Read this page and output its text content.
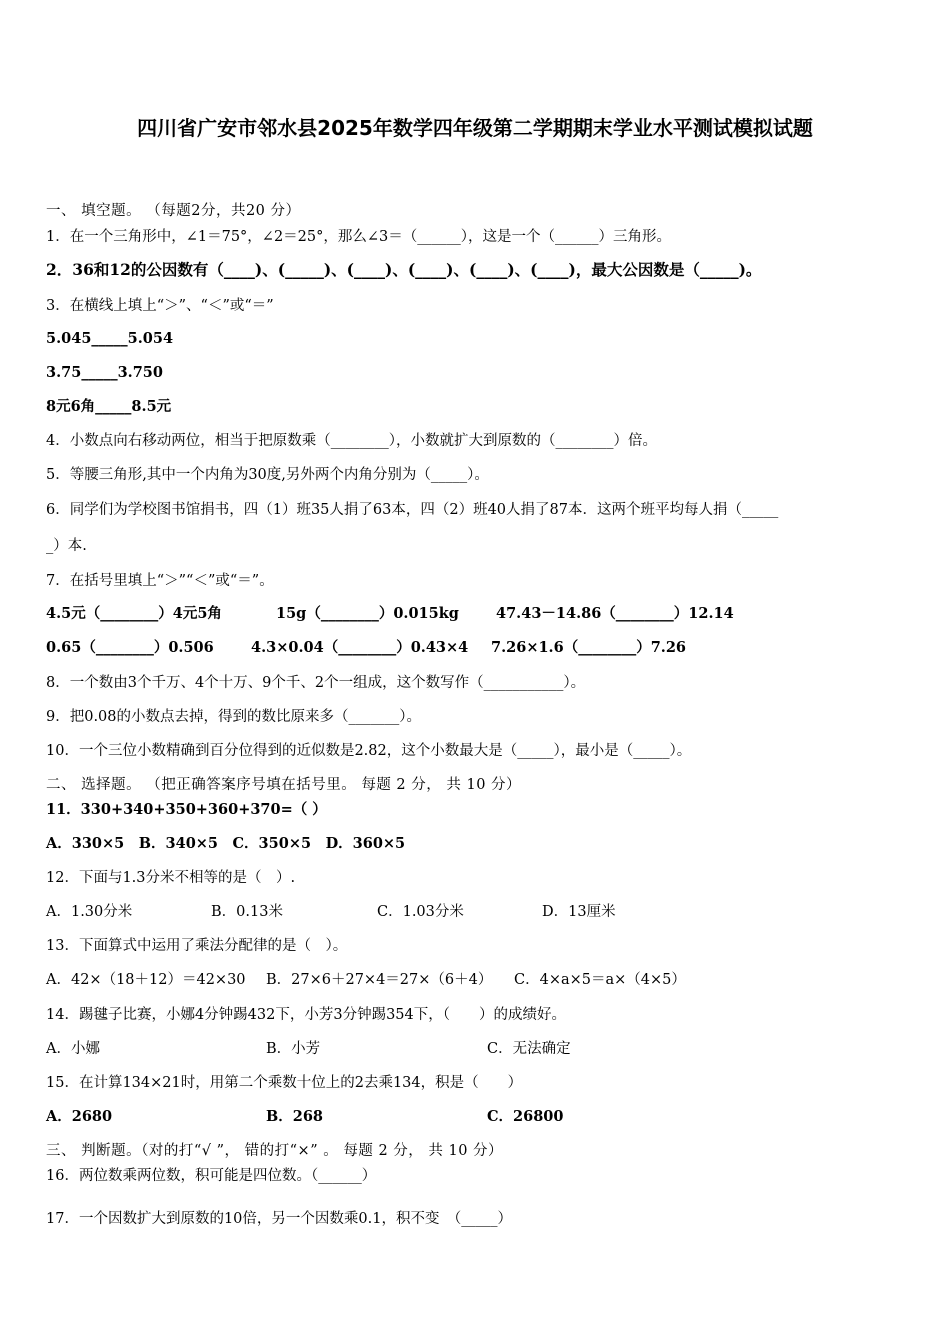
四川省广安市邻水县2025年数学四年级第二学期期末学业水平测试模拟试题
一、 填空题。 （每题2分，共20 分）
1．在一个三角形中，∠1＝75°，∠2＝25°，那么∠3＝（______），这是一个（______）三角形。
2．36和12的公因数有（____)、(_____)、(____)、(____)、(____)、(____)，最大公因数是（_____)。
3．在横线上填上“＞”、“＜”或“＝”
5.045_____5.054
3.75_____3.750
8元6角_____8.5元
4．小数点向右移动两位，相当于把原数乘（________），小数就扩大到原数的（________）倍。
5．等腰三角形,其中一个内角为30度,另外两个内角分别为（_____）。
6．同学们为学校图书馆捐书，四（1）班35人捐了63本，四（2）班40人捐了87本．这两个班平均每人捐（_____
_）本.
7．在括号里填上“＞”“＜”或“＝”。
4.5元（________）4元5角	15g（________）0.015kg	47.43－14.86（________）12.14
0.65（________）0.506	4.3×0.04（________）0.43×4 7.26×1.6（________）7.26
8．一个数由3个千万、4个十万、9个千、2个一组成，这个数写作（___________）。
9．把0.08的小数点去掉，得到的数比原来多（_______）。
10．一个三位小数精确到百分位得到的近似数是2.82，这个小数最大是（_____），最小是（_____）。
二、 选择题。 （把正确答案序号填在括号里。 每题 2 分， 共 10 分）
11．330+340+350+360+370=（ ）
A．330×5　B．340×5　C．350×5　D．360×5
12．下面与1.3分米不相等的是（　）.
A．1.30分米	B．0.13米	C．1.03分米	D．13厘米
13．下面算式中运用了乘法分配律的是（　）。
A．42×（18＋12）＝42×30 B．27×6＋27×4＝27×（6＋4） C．4×a×5＝a×（4×5）
14．踢毽子比赛，小娜4分钟踢432下，小芳3分钟踢354下，（　　）的成绩好。
A．小娜	B．小芳	C．无法确定
15．在计算134×21时，用第二个乘数十位上的2去乘134，积是（　　）
A．2680	B．268	C．26800
三、 判断题。（对的打“√ ”， 错的打“×” 。 每题 2 分， 共 10 分）
16．两位数乘两位数，积可能是四位数。（______）
17．一个因数扩大到原数的10倍，另一个因数乘0.1，积不变　（_____）
